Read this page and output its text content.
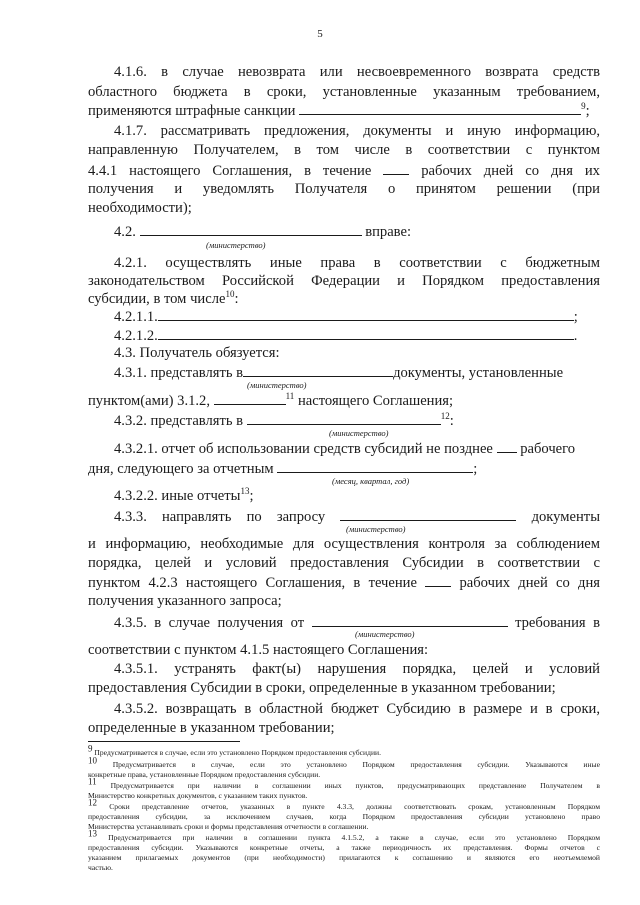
5
4.1.6. в случае невозврата или несвоевременного возврата средств
областного бюджета в сроки, установленные указанным требованием,
применяются штрафные санкции	$^9$;
4.1.7. рассматривать предложения, документы и иную информацию,
направленную Получателем, в том числе в соответствии с пунктом
4.4.1 настоящего Соглашения, в течение	рабочих дней со дня их
получения и уведомлять Получателя о принятом решении (при
необходимости);
4.2.	вправе:
(министерство)
4.2.1. осуществлять иные права в соответствии с бюджетным
законодательством Российской Федерации и Порядком предоставления
субсидии, в том числе$^{10}$:
4.2.1.1.	;
4.2.1.2.	.
4.3. Получатель обязуется:
4.3.1. представлять в	документы, установленные
(министерство)
пунктом(ами) 3.1.2,	$^{11}$ настоящего Соглашения;
4.3.2. представлять в	$^{12}$:
(министерство)
4.3.2.1. отчет об использовании средств субсидий не позднее рабочего
дня, следующего за отчетным	;
(месяц, квартал, год)
4.3.2.2. иные отчеты$^{13}$;
4.3.3. направлять по запросу	документы
(министерство)
и информацию, необходимые для осуществления контроля за соблюдением
порядка, целей и условий предоставления Субсидии в соответствии с
пунктом 4.2.3 настоящего Соглашения, в течение	рабочих дней со дня
получения указанного запроса;
4.3.5. в случае получения от	требования в
(министерство)
соответствии с пунктом 4.1.5 настоящего Соглашения:
4.3.5.1. устранять факт(ы) нарушения порядка, целей и условий
предоставления Субсидии в сроки, определенные в указанном требовании;
4.3.5.2. возвращать в областной бюджет Субсидию в размере и в сроки,
определенные в указанном требовании;
$^9$ Предусматривается в случае, если это установлено Порядком предоставления субсидии.
$^{10}$ Предусматривается в случае, если это установлено Порядком предоставления субсидии. Указываются иные
конкретные права, установленные Порядком предоставления субсидии.
$^{11}$ Предусматривается при наличии в соглашении иных пунктов, предусматривающих представление Получателем в
Министерство конкретных документов, с указанием таких пунктов.
$^{12}$ Сроки представление отчетов, указанных в пункте 4.3.3, должны соответствовать срокам, установленным Порядком
предоставления субсидии, за исключением случаев, когда Порядком предоставления субсидии установлено право
Министерства устанавливать сроки и формы представления отчетности в соглашении.
$^{13}$ Предусматривается при наличии в соглашении пункта 4.1.5.2, а также в случае, если это установлено Порядком
предоставления субсидии. Указываются конкретные отчеты, а также периодичность их представления. Формы отчетов с
указанием прилагаемых документов (при необходимости) прилагаются к соглашению и являются его неотъемлемой
частью.
